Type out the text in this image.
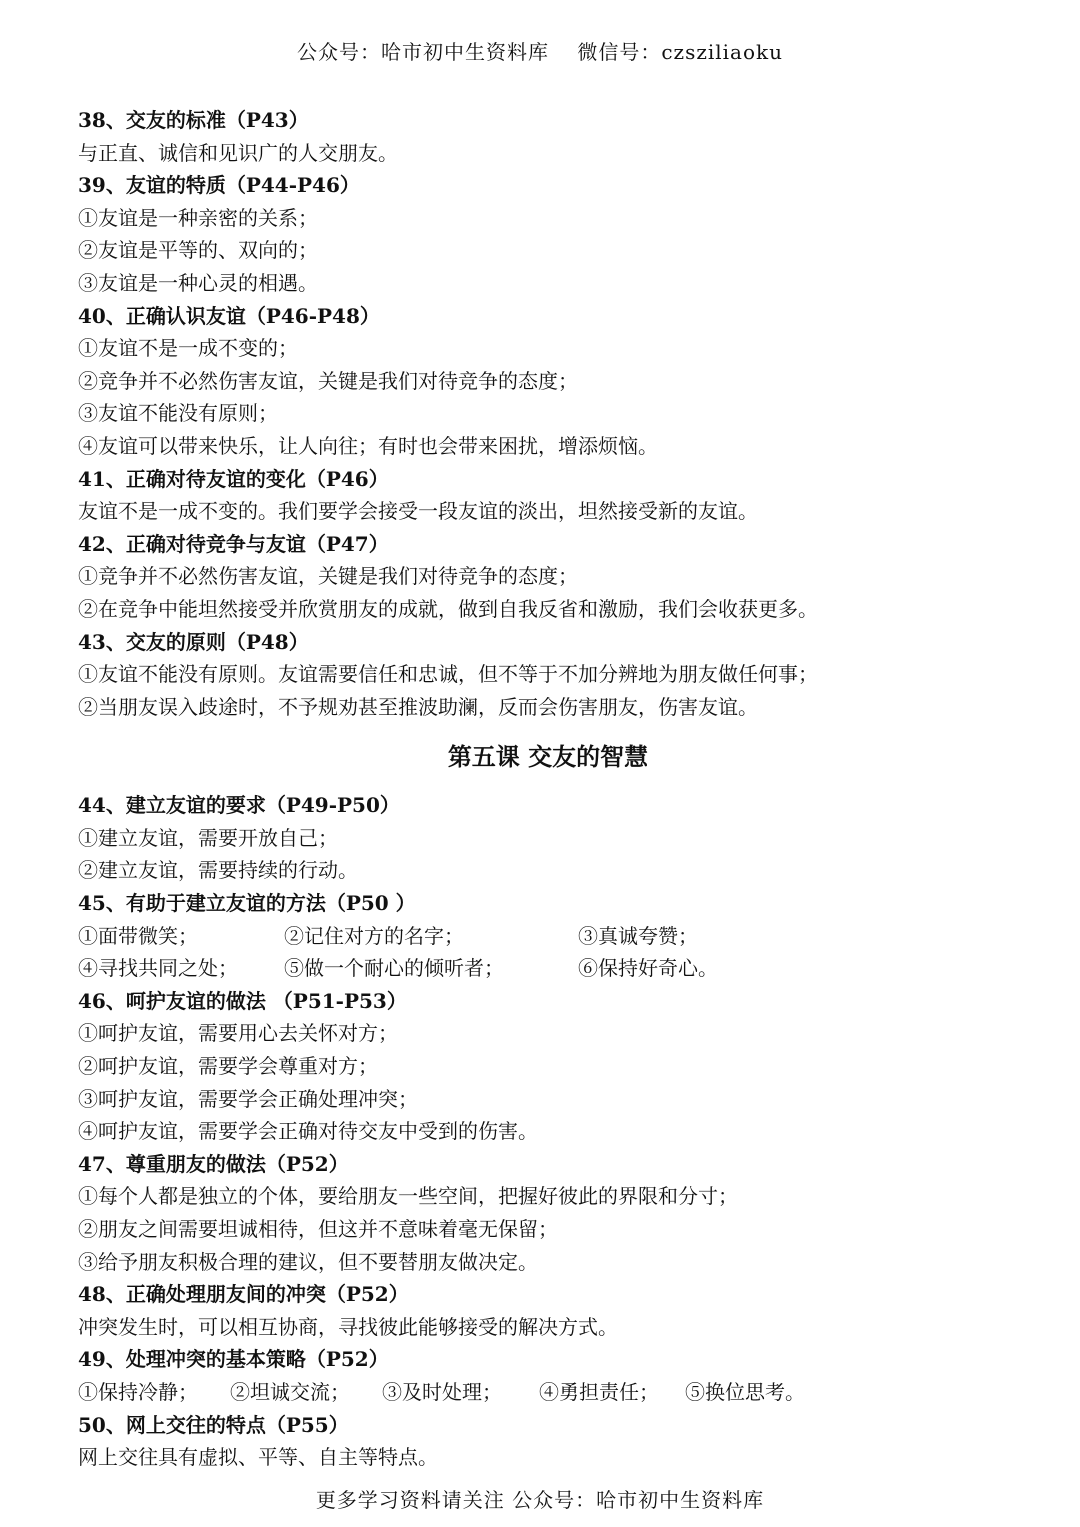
公众号：哈市初中生资料库　 微信号：czsziliaoku
38、交友的标准（P43）
与正直、诚信和见识广的人交朋友。
39、友谊的特质（P44-P46）
①友谊是一种亲密的关系；
②友谊是平等的、双向的；
③友谊是一种心灵的相遇。
40、正确认识友谊（P46-P48）
①友谊不是一成不变的；
②竞争并不必然伤害友谊，关键是我们对待竞争的态度；
③友谊不能没有原则；
④友谊可以带来快乐，让人向往；有时也会带来困扰，增添烦恼。
41、正确对待友谊的变化（P46）
友谊不是一成不变的。我们要学会接受一段友谊的淡出，坦然接受新的友谊。
42、正确对待竞争与友谊（P47）
①竞争并不必然伤害友谊，关键是我们对待竞争的态度；
②在竞争中能坦然接受并欣赏朋友的成就，做到自我反省和激励，我们会收获更多。
43、交友的原则（P48）
①友谊不能没有原则。友谊需要信任和忠诚，但不等于不加分辨地为朋友做任何事；
②当朋友误入歧途时，不予规劝甚至推波助澜，反而会伤害朋友，伤害友谊。
第五课 交友的智慧
44、建立友谊的要求（P49-P50）
①建立友谊，需要开放自己；
②建立友谊，需要持续的行动。
45、有助于建立友谊的方法（P50 ）
①面带微笑；	②记住对方的名字；	③真诚夸赞；
④寻找共同之处； ⑤做一个耐心的倾听者；	⑥保持好奇心。
46、呵护友谊的做法 （P51-P53）
①呵护友谊，需要用心去关怀对方；
②呵护友谊，需要学会尊重对方；
③呵护友谊，需要学会正确处理冲突；
④呵护友谊，需要学会正确对待交友中受到的伤害。
47、尊重朋友的做法（P52）
①每个人都是独立的个体，要给朋友一些空间，把握好彼此的界限和分寸；
②朋友之间需要坦诚相待，但这并不意味着毫无保留；
③给予朋友积极合理的建议，但不要替朋友做决定。
48、正确处理朋友间的冲突（P52）
冲突发生时，可以相互协商，寻找彼此能够接受的解决方式。
49、处理冲突的基本策略（P52）
①保持冷静； ②坦诚交流； ③及时处理； ④勇担责任； ⑤换位思考。
50、网上交往的特点（P55）
网上交往具有虚拟、平等、自主等特点。
更多学习资料请关注 公众号：哈市初中生资料库
